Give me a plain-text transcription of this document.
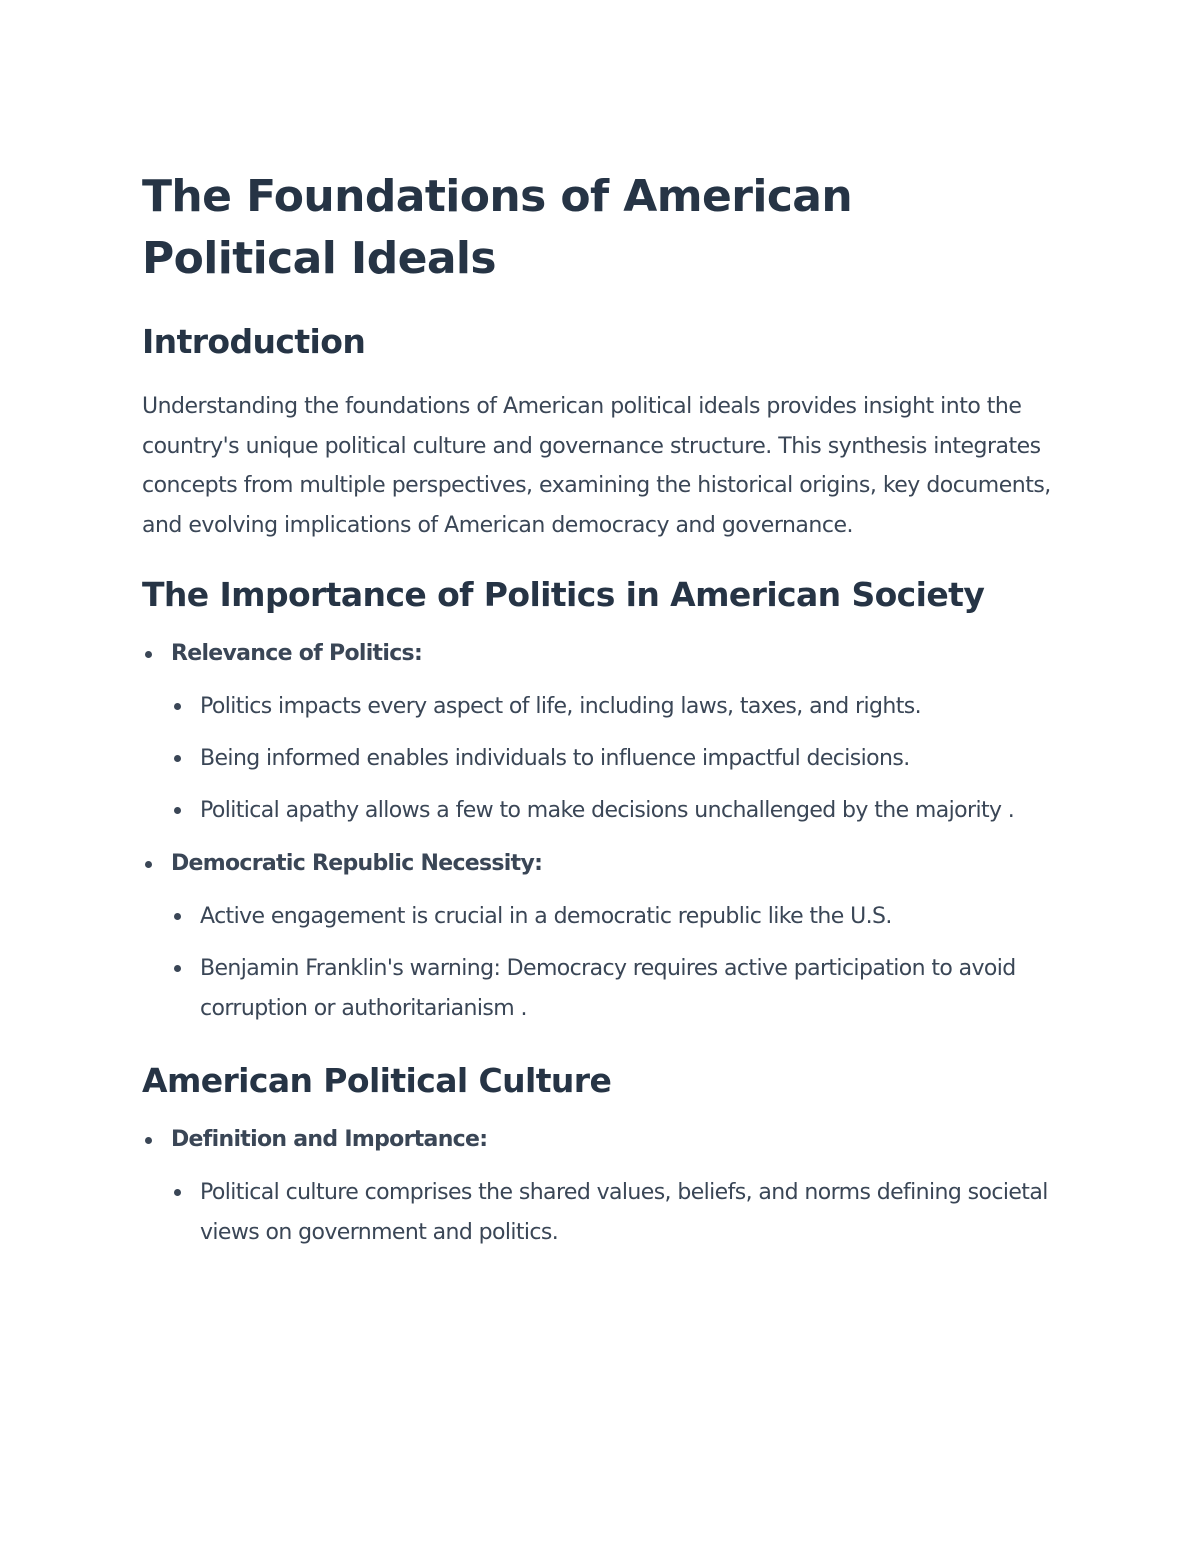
The Foundations of American Political Ideals
Introduction

Understanding the foundations of American political ideals provides insight into the country's unique political culture and governance structure. This synthesis integrates concepts from multiple perspectives, examining the historical origins, key documents, and evolving implications of American democracy and governance.

The Importance of Politics in American Society
Relevance of Politics:
Politics impacts every aspect of life, including laws, taxes, and rights.
Being informed enables individuals to influence impactful decisions.
Political apathy allows a few to make decisions unchallenged by the majority .
Democratic Republic Necessity:
Active engagement is crucial in a democratic republic like the U.S.
Benjamin Franklin's warning: Democracy requires active participation to avoid corruption or authoritarianism .
American Political Culture
Definition and Importance:
Political culture comprises the shared values, beliefs, and norms defining societal views on government and politics.
